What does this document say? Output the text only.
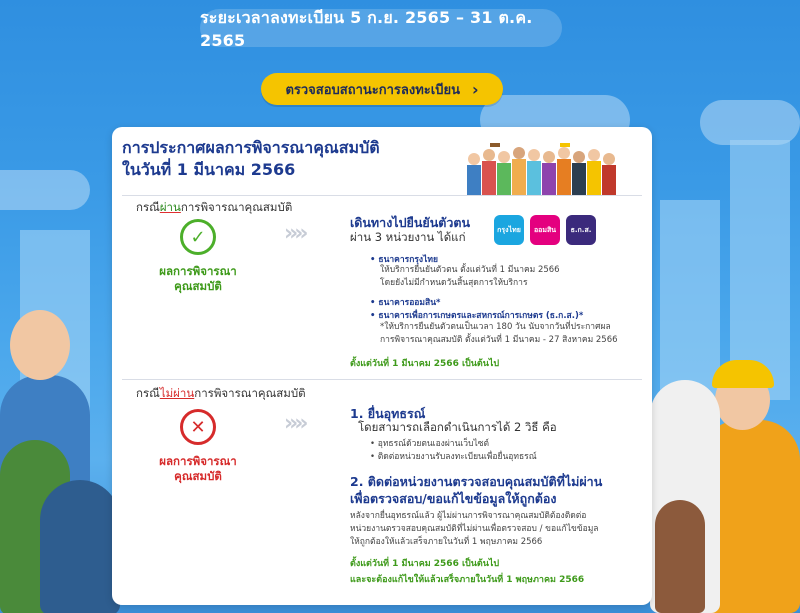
ระยะเวลาลงทะเบียน 5 ก.ย. 2565 – 31 ต.ค. 2565
ตรวจสอบสถานะการลงทะเบียน ›
การประกาศผลการพิจารณาคุณสมบัติ
ในวันที่ 1 มีนาคม 2566
กรณีผ่านการพิจารณาคุณสมบัติ
✓
ผลการพิจารณา
คุณสมบัติ
»»	เดินทางไปยืนยันตัวตน
ผ่าน 3 หน่วยงาน ได้แก่
กรุงไทย ออมสิน ธ.ก.ส.
• ธนาคารกรุงไทย
ให้บริการยืนยันตัวตน ตั้งแต่วันที่ 1 มีนาคม 2566
โดยยังไม่มีกำหนดวันสิ้นสุดการให้บริการ
• ธนาคารออมสิน*
• ธนาคารเพื่อการเกษตรและสหกรณ์การเกษตร (ธ.ก.ส.)*
*ให้บริการยืนยันตัวตนเป็นเวลา 180 วัน นับจากวันที่ประกาศผล
การพิจารณาคุณสมบัติ ตั้งแต่วันที่ 1 มีนาคม - 27 สิงหาคม 2566
ตั้งแต่วันที่ 1 มีนาคม 2566 เป็นต้นไป
กรณีไม่ผ่านการพิจารณาคุณสมบัติ
✕
ผลการพิจารณา
คุณสมบัติ
»»	1. ยื่นอุทธรณ์
โดยสามารถเลือกดำเนินการได้ 2 วิธี คือ
• อุทธรณ์ด้วยตนเองผ่านเว็บไซต์
• ติดต่อหน่วยงานรับลงทะเบียนเพื่อยื่นอุทธรณ์
2. ติดต่อหน่วยงานตรวจสอบคุณสมบัติที่ไม่ผ่าน
เพื่อตรวจสอบ/ขอแก้ไขข้อมูลให้ถูกต้อง
หลังจากยื่นอุทธรณ์แล้ว ผู้ไม่ผ่านการพิจารณาคุณสมบัติต้องติดต่อ
หน่วยงานตรวจสอบคุณสมบัติที่ไม่ผ่านเพื่อตรวจสอบ / ขอแก้ไขข้อมูล
ให้ถูกต้องให้แล้วเสร็จภายในวันที่ 1 พฤษภาคม 2566
ตั้งแต่วันที่ 1 มีนาคม 2566 เป็นต้นไป
และจะต้องแก้ไขให้แล้วเสร็จภายในวันที่ 1 พฤษภาคม 2566
